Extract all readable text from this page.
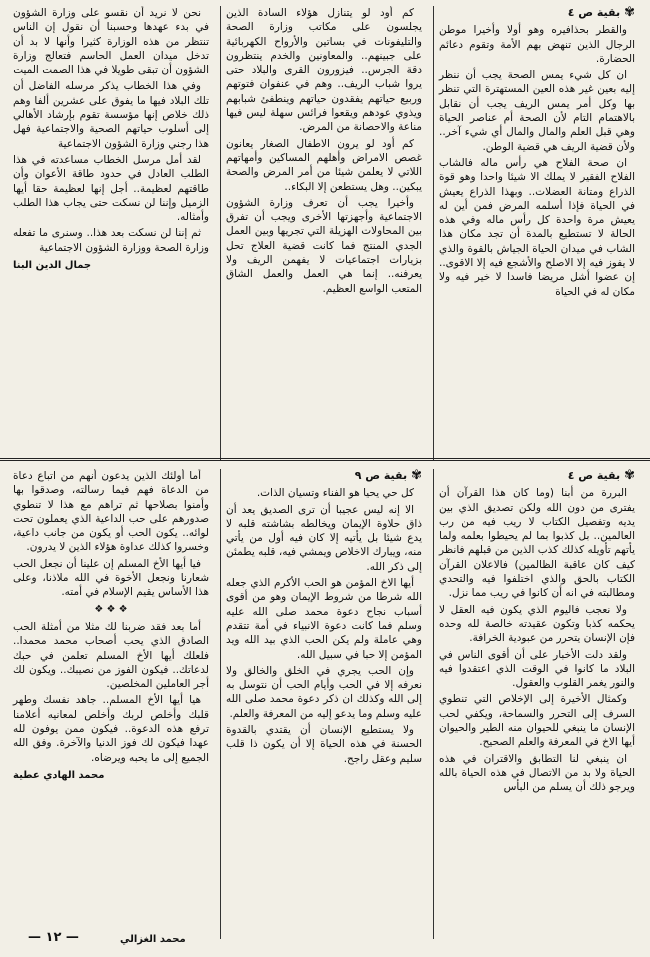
✾
بقية ص ٤

والقطر بحذافيره وهو أولا وأخيرا موطن الرجال الذين تنهض بهم الأمة وتقوم دعائم الحضارة.

ان كل شيء يمس الصحة يجب أن ننظر إليه بعين غير هذه العين المستهترة التي تنظر بها وكل أمر يمس الريف يجب أن نقابل بالاهتمام التام لأن الصحة أم عناصر الحياة وهي قبل العلم والمال والمال أي شيء آخر.. ولأن قضية الريف هي قضية الوطن.

ان صحة الفلاح هي رأس ماله فالشاب الفلاح الفقير لا يملك الا شيئا واحدا وهو قوة الذراع ومتانة العضلات.. وبهذا الذراع يعيش في الحياة فإذا أسلمه المرض فمن أين له يعيش مرة واحدة كل رأس ماله وفي هذه الحالة لا تستطيع بالمدة أن تجد مكان هذا الشاب في ميدان الحياة الجياش بالقوة والذي لا يفوز فيه إلا الاصلح والأشجع فيه إلا الاقوى.. إن عضوا أشل مريضا فاسدا لا خير فيه ولا مكان له في الحياة

كم أود لو يتنازل هؤلاء السادة الذين يجلسون على مكاتب وزارة الصحة والتليفونات في بساتين والأرواح الكهربائية على جبينهم.. والمعاونين والخدم ينتظرون دقة الجرس.. فيزورون القرى والبلاد حتى يروا شباب الريف.. وهم في عنفوان فتوتهم وربيع حياتهم يفقدون حياتهم وينطفئ شبابهم ويذوي عودهم ويقعوا فرائس سهلة ليس فيها مناعة والاحصانة من المرض.

كم أود لو يرون الاطفال الصغار يعانون غصص الامراض وأهلهم المساكين وأمهاتهم اللاتي لا يعلمن شيئا من أمر المرض والصحة يبكين.. وهل يستطعن إلا البكاء..

وأخيرا يجب أن تعرف وزارة الشؤون الاجتماعية وأجهزتها الأخرى ويجب أن تفرق بين المحاولات الهزيلة التي تجريها وبين العمل الجدي المنتج فما كانت قضية العلاج تحل بزيارات اجتماعيات لا يفهمن الريف ولا يعرفنه.. إنما هي العمل والعمل الشاق المتعب الواسع العظيم.

نحن لا نريد أن نقسو على وزارة الشؤون في بدء عهدها وحسبنا أن نقول إن الناس تنتظر من هذه الوزارة كثيرا وأنها لا بد أن تدخل ميدان العمل الحاسم فتعالج وزارة الشؤون أن تبقى طويلا في هذا الصمت الميت

وفي هذا الخطاب يذكر مرسله الفاضل أن تلك البلاد فيها ما يفوق على عشرين ألفا وهم ذلك خلاص إنها مؤسسة تقوم بإرشاد الأهالي إلى أسلوب حياتهم الصحية والاجتماعية فهل هذا رجني وزارة الشؤون الاجتماعية

لقد أمل مرسل الخطاب مساعدته في هذا الطلب العادل في حدود طاقة الأعوان وأن طاقتهم لعظيمة.. أجل إنها لعظيمة حقا أيها الزميل وإننا لن نسكت حتى يجاب هذا الطلب وأمثاله.

ثم إننا لن نسكت بعد هذا.. وسنرى ما تفعله وزارة الصحة ووزارة الشؤون الاجتماعية

جمال الدين البنا
✾
بقية ص ٤

البررة من أبنا (وما كان هذا القرآن أن يفترى من دون الله ولكن تصديق الذي بين يديه وتفصيل الكتاب لا ريب فيه من رب العالمين.. بل كذبوا بما لم يحيطوا بعلمه ولما يأتهم تأويله كذلك كذب الذين من قبلهم فانظر كيف كان عاقبة الظالمين) فالاعلان القرآن الكتاب بالحق والذي اختلفوا فيه والتحدي ومطالبته في انه أن كانوا في ريب مما نزل.

ولا نعجب فاليوم الذي يكون فيه العقل لا يحكمه كذبا وتكون عقيدته خالصة لله وحده فإن الإنسان يتحرر من عبودية الخرافة.

ولقد دلت الأخبار على أن أقوى الناس في البلاد ما كانوا في الوقت الذي اعتقدوا فيه والنور يغمر القلوب والعقول.

وكمثال الأخيرة إلى الإخلاص التي تنطوي السرف إلى التحرر والسماحة، ويكفي لحب الإنسان ما ينبغي للحيوان منه الطير والحيوان أيها الاخ في المعرفة والعلم الصحيح.

ان ينبغي لنا التطابق والاقتران في هذه الحياة ولا بد من الاتصال في هذه الحياة بالله ويرجو ذلك أن يسلم من البأس

✾
بقية ص ٩

كل حي يحيا هو الفناء وتسيان الذات.

الا إنه ليس عجيبا أن ترى الصديق يعد أن ذاق حلاوة الإيمان ويخالطه بشاشته قلبه لا يدع شيئا بل يأتيه إلا كان فيه أول من يأتي منه، ويبارك الاخلاص ويمشي فيه، قلبه يطمئن إلى ذكر الله.

أيها الاخ المؤمن هو الحب الأكرم الذي جعله الله شرطا من شروط الإيمان وهو من أقوى أسباب نجاح دعوة محمد صلى الله عليه وسلم فما كانت دعوة الانبياء في أمة تتقدم وهي عاملة ولم يكن الحب الذي بيد الله ويد المؤمن إلا حبا في سبيل الله.

وإن الحب يجري في الخلق والخالق ولا نعرفه إلا في الحب وأيام الحب أن نتوسل به إلى الله وكذلك ان ذكر دعوة محمد صلى الله عليه وسلم وما يدعو إليه من المعرفة والعلم.

ولا يستطيع الإنسان أن يقتدي بالقدوة الحسنة في هذه الحياة إلا أن يكون ذا قلب سليم وعقل راجح.

أما أولئك الذين يدعون أنهم من اتباع دعاة من الدعاة فهم فيما رسالته، وصدقوا بها وأمنوا بصلاحها ثم تراهم مع هذا لا تنطوي صدورهم على حب الداعية الذي يعملون تحت لوائه.. يكون الحب أو يكون من جانب داعية، وخسروا كذلك عداوة هؤلاء الذين لا يدرون.

فيا أيها الأخ المسلم إن علينا أن نجعل الحب شعارنا ونجعل الأخوة في الله ملاذنا، وعلى هذا الأساس يقيم الإسلام في أمته.

❖ ❖ ❖

أما بعد فقد ضربنا لك مثلا من أمثلة الحب الصادق الذي يحب أصحاب محمد محمدا.. فلعلك أيها الأخ المسلم تعلمن في حبك لدعاتك.. فيكون الفوز من نصيبك.. ويكون لك أجر العاملين المخلصين.

هيا أيها الأخ المسلم.. جاهد نفسك وطهر قلبك وأخلص لربك وأخلص لمعانيه أعلامنا ترفع هذه الدعوة.. فيكون ممن يوفون لله عهدا فيكون لك فوز الدنيا والآخرة. وفق الله الجميع إلى ما يحبه ويرضاه.

محمد الهادي عطية
— ١٢ —	محمد الغزالي
